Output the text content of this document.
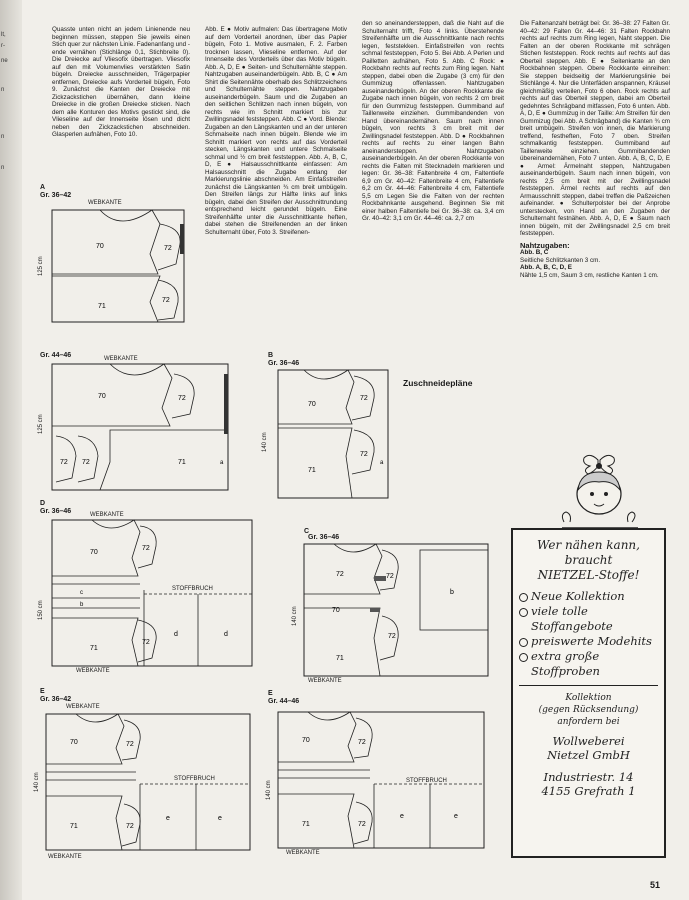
lt,
r-
ne
n
n
n

Quasste unten nicht an jedem Linienende neu beginnen müssen, steppen Sie jeweils einen Stich quer zur nächsten Linie. Fadenanfang und -ende vernähen (Stichlänge 0,1, Stichbreite 0). Die Dreiecke auf Vliesofix übertragen. Vliesofix auf den mit Volumenvlies verstärkten Satin bügeln. Dreiecke ausschneiden, Trägerpapier entfernen, Dreiecke aufs Vorderteil bügeln, Foto 9. Zunächst die Kanten der Dreiecke mit Zickzackstichen übernähen, dann kleine Dreiecke in die großen Dreiecke sticken. Nach dem alle Konturen des Motivs gestickt sind, die Vlieseline auf der Innenseite lösen und dicht neben den Zickzackstichen abschneiden. Glasperlen aufnähen, Foto 10.

Abb. E ● Motiv aufmalen: Das übertragene Motiv auf dem Vorderteil anordnen, über das Papier bügeln, Foto 1. Motive ausmalen, F. 2. Farben trocknen lassen, Vlieseline entfernen. Auf der Innenseite des Vorderteils über das Motiv bügeln. Abb. A, D, E ● Seiten- und Schulternähte steppen. Nahtzugaben auseinanderbügeln. Abb. B, C ● Am Shirt die Seitennähte oberhalb des Schlitzzeichens und Schulternähte steppen. Nahtzugaben auseinanderbügeln. Saum und die Zugaben an den seitlichen Schlitzen nach innen bügeln, von rechts wie im Schnitt markiert bis zur Zwillingsnadel feststeppen. Abb. C ● Vord. Blende: Zugaben an den Längskanten und an der unteren Schmalseite nach innen bügeln. Blende wie im Schnitt markiert von rechts auf das Vorderteil stecken, Längskanten und untere Schmalseite schmal und ½ cm breit feststeppen. Abb. A, B, C, D, E ● Halsausschnittkante einfassen: Am Halsausschnitt die Zugabe entlang der Markierungslinie abschneiden. Am Einfaßstreifen zunächst die Längskanten ¾ cm breit umbügeln. Den Streifen längs zur Hälfte links auf links bügeln, dabei den Streifen der Ausschnittrundung entsprechend leicht gerundet bügeln. Eine Streifenhälfte unter die Ausschnittkante heften, dabei stehen die Streifenenden an der linken Schulternaht über, Foto 3. Streifenen-

den so aneinandersteppen, daß die Naht auf die Schulternaht trifft, Foto 4 links. Überstehende Streifenhälfte um die Ausschnittkante nach rechts legen, feststekken. Einfaßstreifen von rechts schmal feststeppen, Foto 5. Bei Abb. A Perlen und Pailletten aufnähen, Foto 5. Abb. C Rock: ● Rockbahn rechts auf rechts zum Ring legen. Naht steppen, dabei oben die Zugabe (3 cm) für den Gummizug offenlassen. Nahtzugaben auseinanderbügeln. An der oberen Rockkante die Zugabe nach innen bügeln, von rechts 2 cm breit für den Gummizug feststeppen. Gummiband auf Taillenweite einziehen. Gummibandenden von Hand übereinandernähen. Saum nach innen bügeln, von rechts 3 cm breit mit der Zwillingsnadel feststeppen. Abb. D ● Rockbahnen rechts auf rechts zu einer langen Bahn aneinandersteppen. Nahtzugaben auseinanderbügeln. An der oberen Rockkante von rechts die Falten mit Stecknadeln markieren und legen: Gr. 36–38: Faltenbreite 4 cm, Faltentiefe 6,9 cm Gr. 40–42: Faltenbreite 4 cm, Faltentiefe 6,2 cm Gr. 44–46: Faltenbreite 4 cm, Faltentiefe 5,5 cm Legen Sie die Falten von der rechten Rockbahnkante ausgehend. Beginnen Sie mit einer halben Faltentiefe bei Gr. 36–38: ca. 3,4 cm Gr. 40–42: 3,1 cm Gr. 44–46: ca. 2,7 cm

Die Faltenanzahl beträgt bei: Gr. 36–38: 27 Falten Gr. 40–42: 29 Falten Gr. 44–46: 31 Falten Rockbahn rechts auf rechts zum Ring legen, Naht steppen. Die Falten an der oberen Rockkante mit schrägen Stichen feststeppen. Rock rechts auf rechts auf das Oberteil steppen. Abb. E ● Seitenkante an den Rockbahnen steppen. Obere Rockkante einreihen: Sie steppen beidseitig der Markierungslinie bei Stichlänge 4. Nur die Unterfäden anspannen, Kräusel gleichmäßig verteilen, Foto 6 oben. Rock rechts auf rechts auf das Oberteil steppen, dabei am Oberteil gedehntes Schrägband mitfassen, Foto 6 unten. Abb. A, D, E ● Gummizug in der Taille: Am Streifen für den Gummizug (bei Abb. A Schrägband) die Kanten ¾ cm breit umbügeln. Streifen von innen, die Markierung treffend, festheften, Foto 7 oben. Streifen schmalkantig feststeppen. Gummiband auf Taillenweite einziehen. Gummibandenden übereinandernähen, Foto 7 unten. Abb. A, B, C, D, E ● Armel: Ärmelnaht steppen, Nahtzugaben auseinanderbügeln. Saum nach innen bügeln, von rechts 2,5 cm breit mit der Zwillingsnadel feststeppen. Ärmel rechts auf rechts auf den Armausschnitt steppen, dabei treffen die Paßzeichen aufeinander. ● Schulterpolster bei der Anprobe unterstecken, von Hand an den Zugaben der Schulternaht festnähen. Abb. A, D, E ● Saum nach innen bügeln, mit der Zwillingsnadel 2,5 cm breit feststeppen.

Nahtzugaben:

Abb. B, C

Seitliche Schlitzkanten 3 cm.

Abb. A, B, C, D, E

Nähte 1,5 cm, Saum 3 cm, restliche Kanten 1 cm.

A
Gr. 36–42
WEBKANTE
125 cm
70	72
71
72
Gr. 44–46	WEBKANTE
125 cm
70	72
71
72 72	a
B
Gr. 36–46
140 cm
70
72
71
72
a
Zuschneidepläne
D
Gr. 36–46	WEBKANTE
WEBKANTE
STOFFBRUCH
150 cm
70
72
71
72
c
b
d	d
C
Gr. 36–46
WEBKANTE
140 cm
72	72
70
71
72
b
E
Gr. 36–42
WEBKANTE
WEBKANTE
STOFFBRUCH
140 cm
70	72
71	72
e	e
E
Gr. 44–46
WEBKANTE
STOFFBRUCH
140 cm
70	72
71	72
e	e
Wer nähen kann,
braucht
NIETZEL-Stoffe!
Neue Kollektion
viele tolle Stoffangebote
preiswerte Modehits
extra große Stoffproben
Kollektion
(gegen Rücksendung)
anfordern bei
Wollweberei
Nietzel GmbH
Industriestr. 14
4155 Grefrath 1
51
